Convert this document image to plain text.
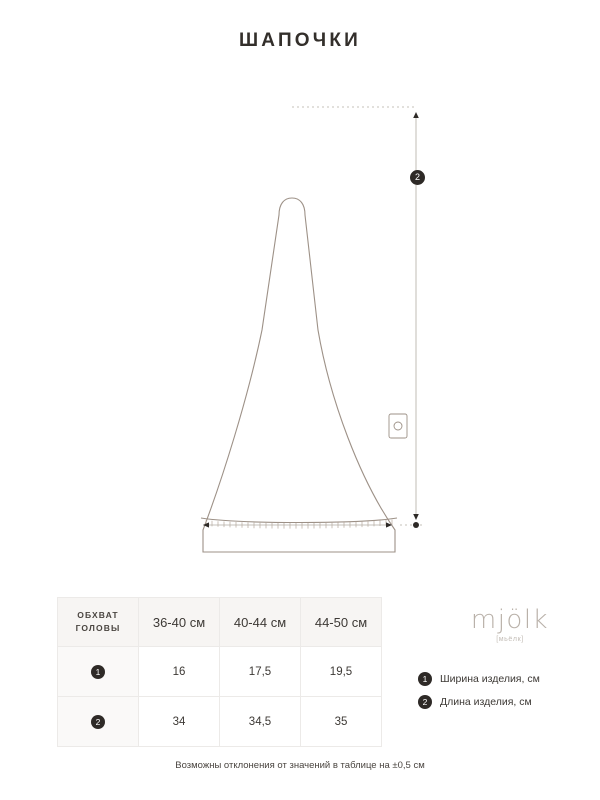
ШАПОЧКИ
2
ОБХВАТ
ГОЛОВЫ	36-40 см	40-44 см	44-50 см
1	16	17,5	19,5
2	34	34,5	35
mjölk
[мьёлк]
1	Ширина изделия, см
2	Длина изделия, см
Возможны отклонения от значений в таблице на ±0,5 см
